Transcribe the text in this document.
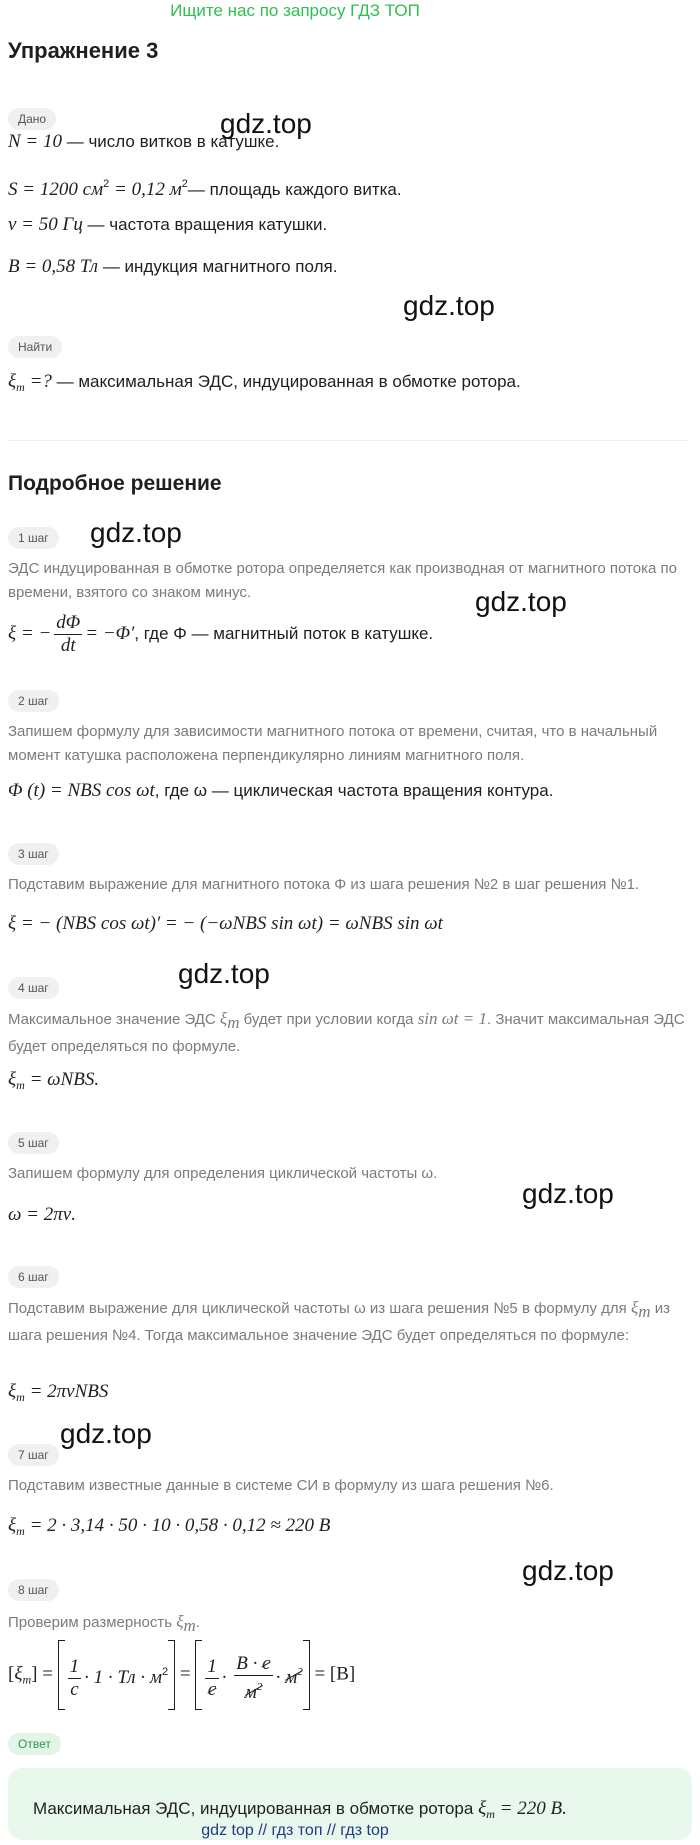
Ищите нас по запросу ГДЗ ТОП
Упражнение 3
Дано
N = 10 — число витков в катушке.
S = 1200 $см^2 = 0,12$ $м^2—$ площадь каждого витка.
ν = 50 Гц — частота вращения катушки.
B = 0,58 Тл — индукция магнитного поля.
Найти
$\xi_m$ =? — максимальная ЭДС, индуцированная в обмотке ротора.
Подробное решение
1 шаг
ЭДС индуцированная в обмотке ротора определяется как производная от магнитного потока по времени, взятого со знаком минус.
ξ = − $\frac{d\Phi}{dt} = -\Phi'$, где Φ — магнитный поток в катушке.
2 шаг
Запишем формулу для зависимости магнитного потока от времени, считая, что в начальный момент катушка расположена перпендикулярно линиям магнитного поля.
Φ (t) = NBS cos ωt, где ω — циклическая частота вращения контура.
3 шаг
Подставим выражение для магнитного потока Φ из шага решения №2 в шаг решения №1.
ξ = − (NBS cos ωt)′ = − (−ωNBS sin ωt) = ωNBS sin ωt
4 шаг
Максимальное значение ЭДС ξm будет при условии когда sin ωt = 1. Значит максимальная ЭДС будет определяться по формуле.
$\xi_m = \omega NBS$.
5 шаг
Запишем формулу для определения циклической частоты ω.
ω = 2πν.
6 шаг
Подставим выражение для циклической частоты ω из шага решения №5 в формулу для ξm из шага решения №4. Тогда максимальное значение ЭДС будет определяться по формуле:
$\xi_m = 2\pi\nu NBS$
7 шаг
Подставим известные данные в системе СИ в формулу из шага решения №6.
$\xi_m = 2 \cdot 3,14 \cdot 50 \cdot 10 \cdot 0,58 \cdot 0,12 \approx 220$ B
8 шаг
Проверим размерность ξm.
$[\xi_m] = \frac{1}{c} \cdot 1$ · Тл · $м^2 = \frac{1}{c} \cdot \frac{B \cdot c}{м^2} \cdot м^2 = [B]$
Ответ
Максимальная ЭДС, индуцированная в обмотке ротора $\xi_m = 220$ B.
gdz.top
gdz.top
gdz.top
gdz.top
gdz.top
gdz.top
gdz.top
gdz.top
gdz top // гдз топ // гдз top
